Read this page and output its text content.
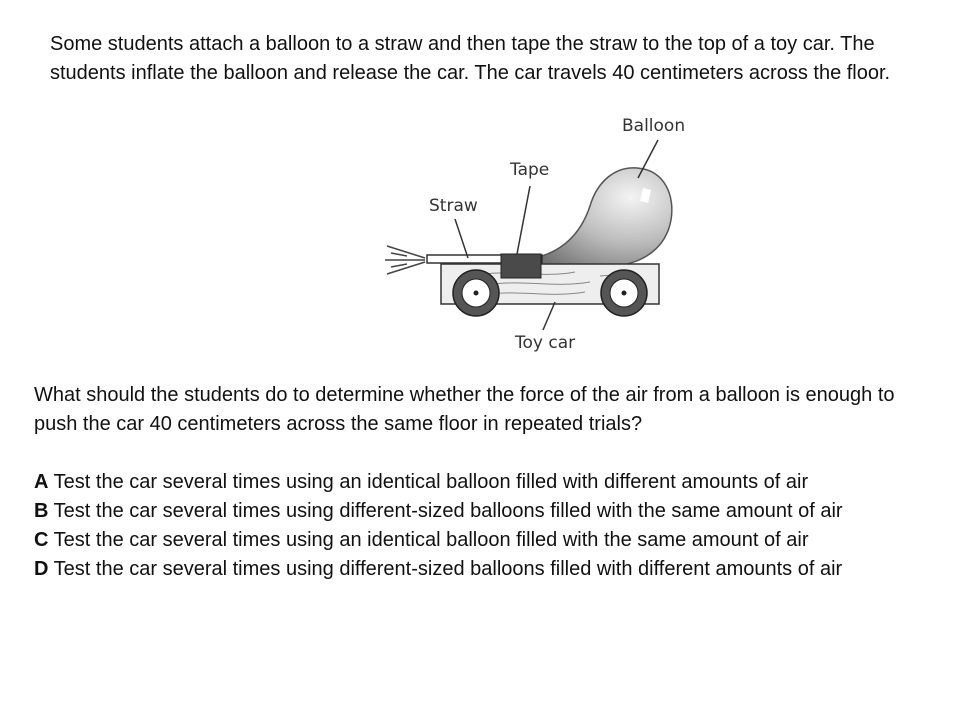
Some students attach a balloon to a straw and then tape the straw to the top of a toy car. The students inflate the balloon and release the car. The car travels 40 centimeters across the floor.

Balloon
Tape
Straw
Toy car

What should the students do to determine whether the force of the air from a balloon is enough to push the car 40 centimeters across the same floor in repeated trials?

A Test the car several times using an identical balloon filled with different amounts of air
B Test the car several times using different-sized balloons filled with the same amount of air
C Test the car several times using an identical balloon filled with the same amount of air
D Test the car several times using different-sized balloons filled with different amounts of air
